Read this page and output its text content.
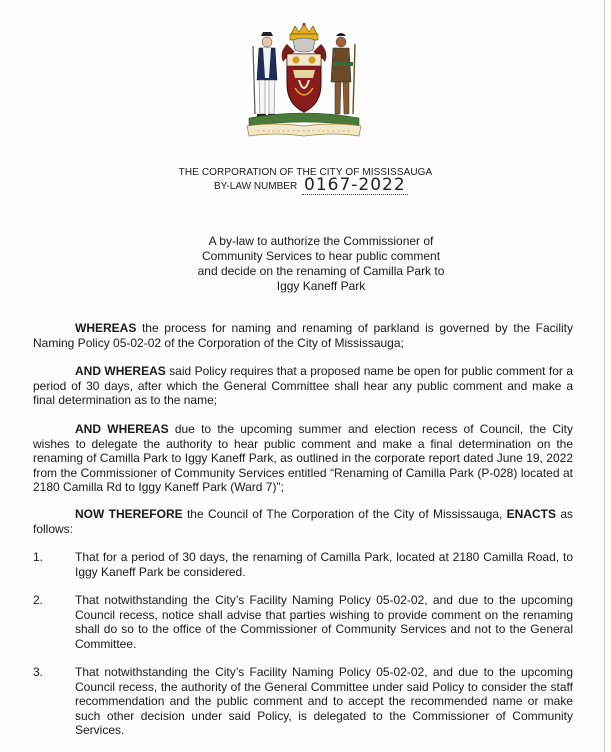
THE CORPORATION OF THE CITY OF MISSISSAUGA
BY-LAW NUMBER 0167-2022
A by-law to authorize the Commissioner of Community Services to hear public comment and decide on the renaming of Camilla Park to Iggy Kaneff Park
WHEREAS the process for naming and renaming of parkland is governed by the Facility Naming Policy 05-02-02 of the Corporation of the City of Mississauga;
AND WHEREAS said Policy requires that a proposed name be open for public comment for a period of 30 days, after which the General Committee shall hear any public comment and make a final determination as to the name;
AND WHEREAS due to the upcoming summer and election recess of Council, the City wishes to delegate the authority to hear public comment and make a final determination on the renaming of Camilla Park to Iggy Kaneff Park, as outlined in the corporate report dated June 19, 2022 from the Commissioner of Community Services entitled “Renaming of Camilla Park (P-028) located at 2180 Camilla Rd to Iggy Kaneff Park (Ward 7)”;
NOW THEREFORE the Council of The Corporation of the City of Mississauga, ENACTS as follows:
1.	That for a period of 30 days, the renaming of Camilla Park, located at 2180 Camilla Road, to Iggy Kaneff Park be considered.
2.	That notwithstanding the City’s Facility Naming Policy 05-02-02, and due to the upcoming Council recess, notice shall advise that parties wishing to provide comment on the renaming shall do so to the office of the Commissioner of Community Services and not to the General Committee.
3.	That notwithstanding the City’s Facility Naming Policy 05-02-02, and due to the upcoming Council recess, the authority of the General Committee under said Policy to consider the staff recommendation and the public comment and to accept the recommended name or make such other decision under said Policy, is delegated to the Commissioner of Community Services.
